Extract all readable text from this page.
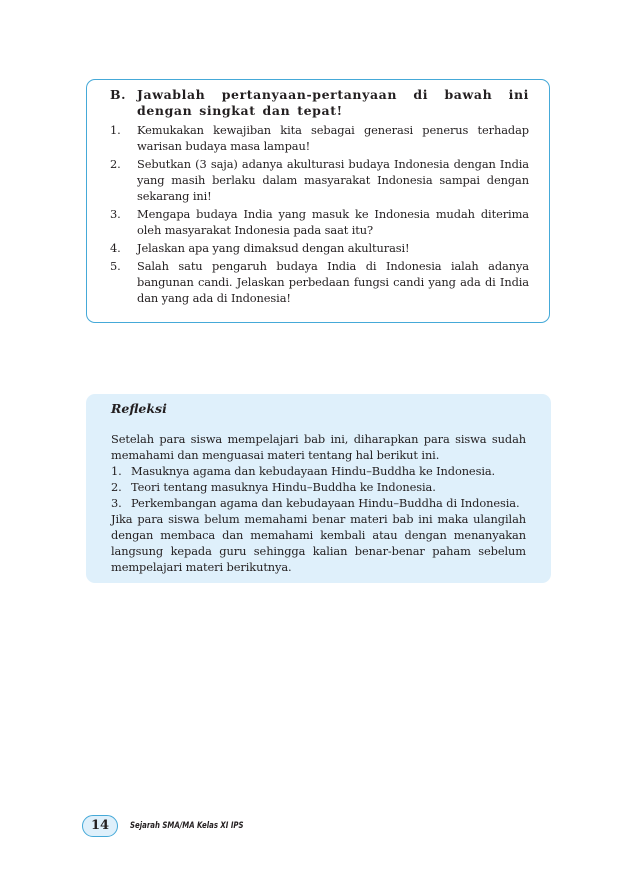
B. Jawablah pertanyaan-pertanyaan di bawah ini dengan singkat dan tepat!
1.	Kemukakan kewajiban kita sebagai generasi penerus terhadap warisan budaya masa lampau!
2.	Sebutkan (3 saja) adanya akulturasi budaya Indonesia dengan India yang masih berlaku dalam masyarakat Indonesia sampai dengan sekarang ini!
3.	Mengapa budaya India yang masuk ke Indonesia mudah diterima oleh masyarakat Indonesia pada saat itu?
4.	Jelaskan apa yang dimaksud dengan akulturasi!
5.	Salah satu pengaruh budaya India di Indonesia ialah adanya bangunan candi. Jelaskan perbedaan fungsi candi yang ada di India dan yang ada di Indonesia!
Refleksi
Setelah para siswa mempelajari bab ini, diharapkan para siswa sudah
memahami dan menguasai materi tentang hal berikut ini.
1. Masuknya agama dan kebudayaan Hindu–Buddha ke Indonesia.
2. Teori tentang masuknya Hindu–Buddha ke Indonesia.
3. Perkembangan agama dan kebudayaan Hindu–Buddha di Indonesia.
Jika para siswa belum memahami benar materi bab ini maka ulangilah
dengan membaca dan memahami kembali atau dengan menanyakan
langsung kepada guru sehingga kalian benar-benar paham sebelum
mempelajari materi berikutnya.
14	Sejarah SMA/MA Kelas XI IPS
